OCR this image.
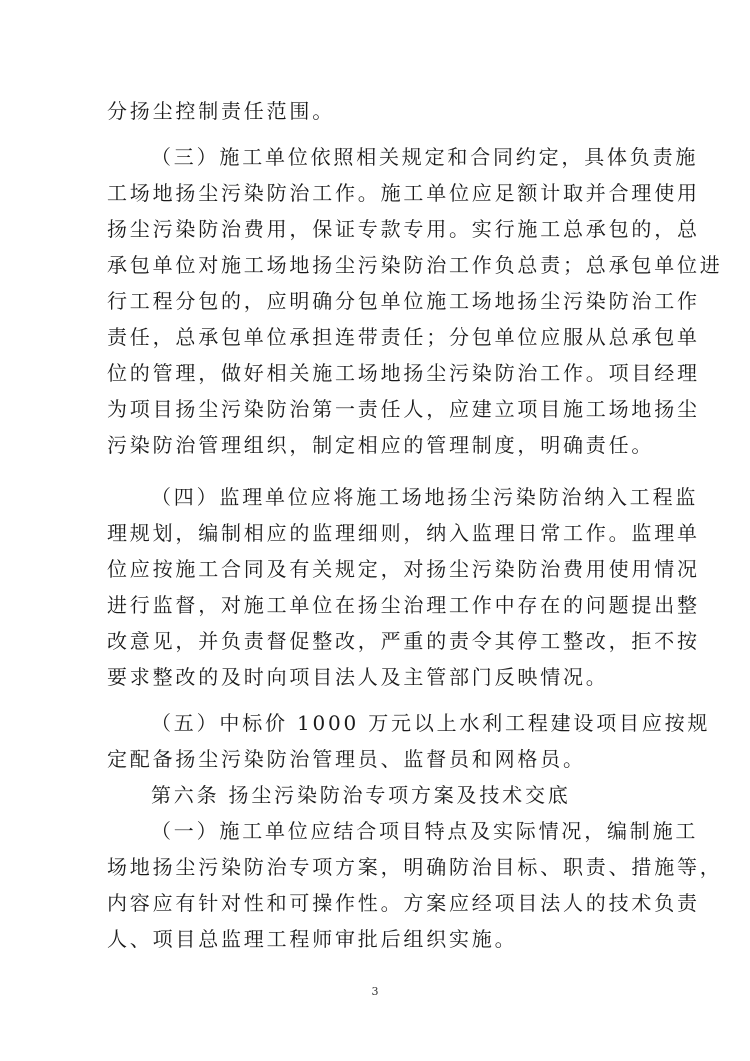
分扬尘控制责任范围。
（三）施工单位依照相关规定和合同约定，具体负责施
工场地扬尘污染防治工作。施工单位应足额计取并合理使用
扬尘污染防治费用，保证专款专用。实行施工总承包的，总
承包单位对施工场地扬尘污染防治工作负总责；总承包单位进
行工程分包的，应明确分包单位施工场地扬尘污染防治工作
责任，总承包单位承担连带责任；分包单位应服从总承包单
位的管理，做好相关施工场地扬尘污染防治工作。项目经理
为项目扬尘污染防治第一责任人，应建立项目施工场地扬尘
污染防治管理组织，制定相应的管理制度，明确责任。
（四）监理单位应将施工场地扬尘污染防治纳入工程监
理规划，编制相应的监理细则，纳入监理日常工作。监理单
位应按施工合同及有关规定，对扬尘污染防治费用使用情况
进行监督，对施工单位在扬尘治理工作中存在的问题提出整
改意见，并负责督促整改，严重的责令其停工整改，拒不按
要求整改的及时向项目法人及主管部门反映情况。
（五）中标价 1000 万元以上水利工程建设项目应按规
定配备扬尘污染防治管理员、监督员和网格员。
第六条 扬尘污染防治专项方案及技术交底
（一）施工单位应结合项目特点及实际情况，编制施工
场地扬尘污染防治专项方案，明确防治目标、职责、措施等，
内容应有针对性和可操作性。方案应经项目法人的技术负责
人、项目总监理工程师审批后组织实施。
3
